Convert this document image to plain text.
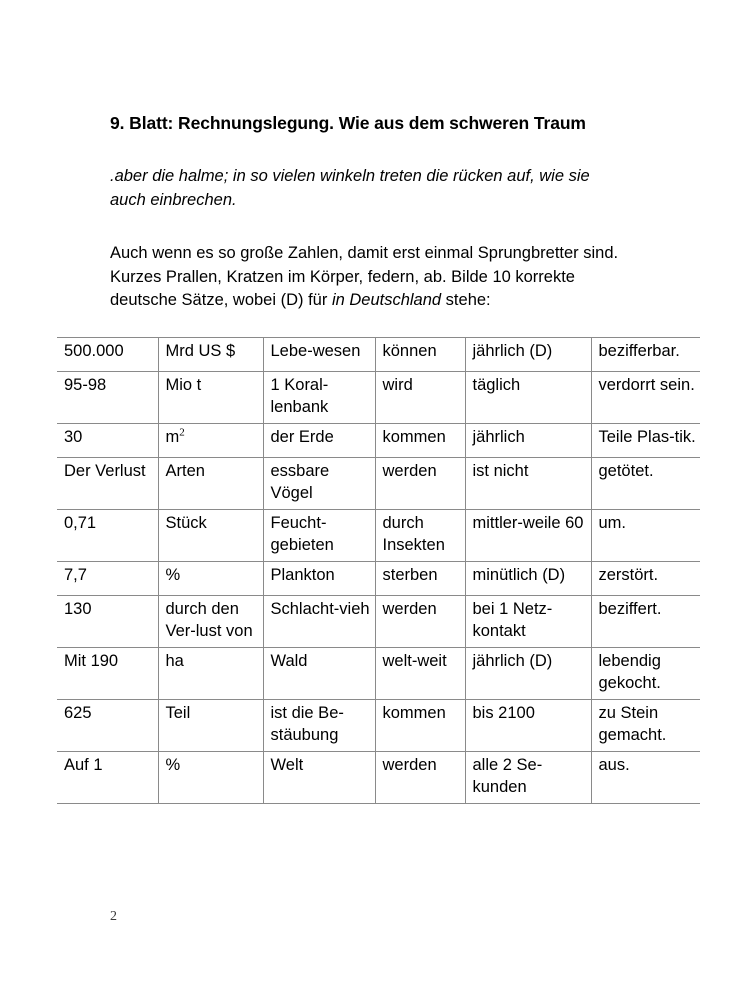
9. Blatt: Rechnungslegung. Wie aus dem schweren Traum

.aber die halme; in so vielen winkeln treten die rücken auf, wie sie auch einbrechen.

Auch wenn es so große Zahlen, damit erst einmal Sprungbretter sind. Kurzes Prallen, Kratzen im Körper, federn, ab. Bilde 10 korrekte deutsche Sätze, wobei (D) für in Deutschland stehe:

500.000	Mrd US $	Lebe-wesen	können	jährlich (D)	bezifferbar.
95-98	Mio t	1 Koral-lenbank	wird	täglich	verdorrt sein.
30	$m^2$	der Erde	kommen	jährlich	Teile Plas-tik.
Der Verlust	Arten	essbare Vögel	werden	ist nicht	getötet.
0,71	Stück	Feucht-gebieten	durch Insekten	mittler-weile 60	um.
7,7	%	Plankton	sterben	minütlich (D)	zerstört.
130	durch den Ver-lust von	Schlacht-vieh	werden	bei 1 Netz-kontakt	beziffert.
Mit 190	ha	Wald	welt-weit	jährlich (D)	lebendig gekocht.
625	Teil	ist die Be-stäubung	kommen	bis 2100	zu Stein gemacht.
Auf 1	%	Welt	werden	alle 2 Se-kunden	aus.
2
